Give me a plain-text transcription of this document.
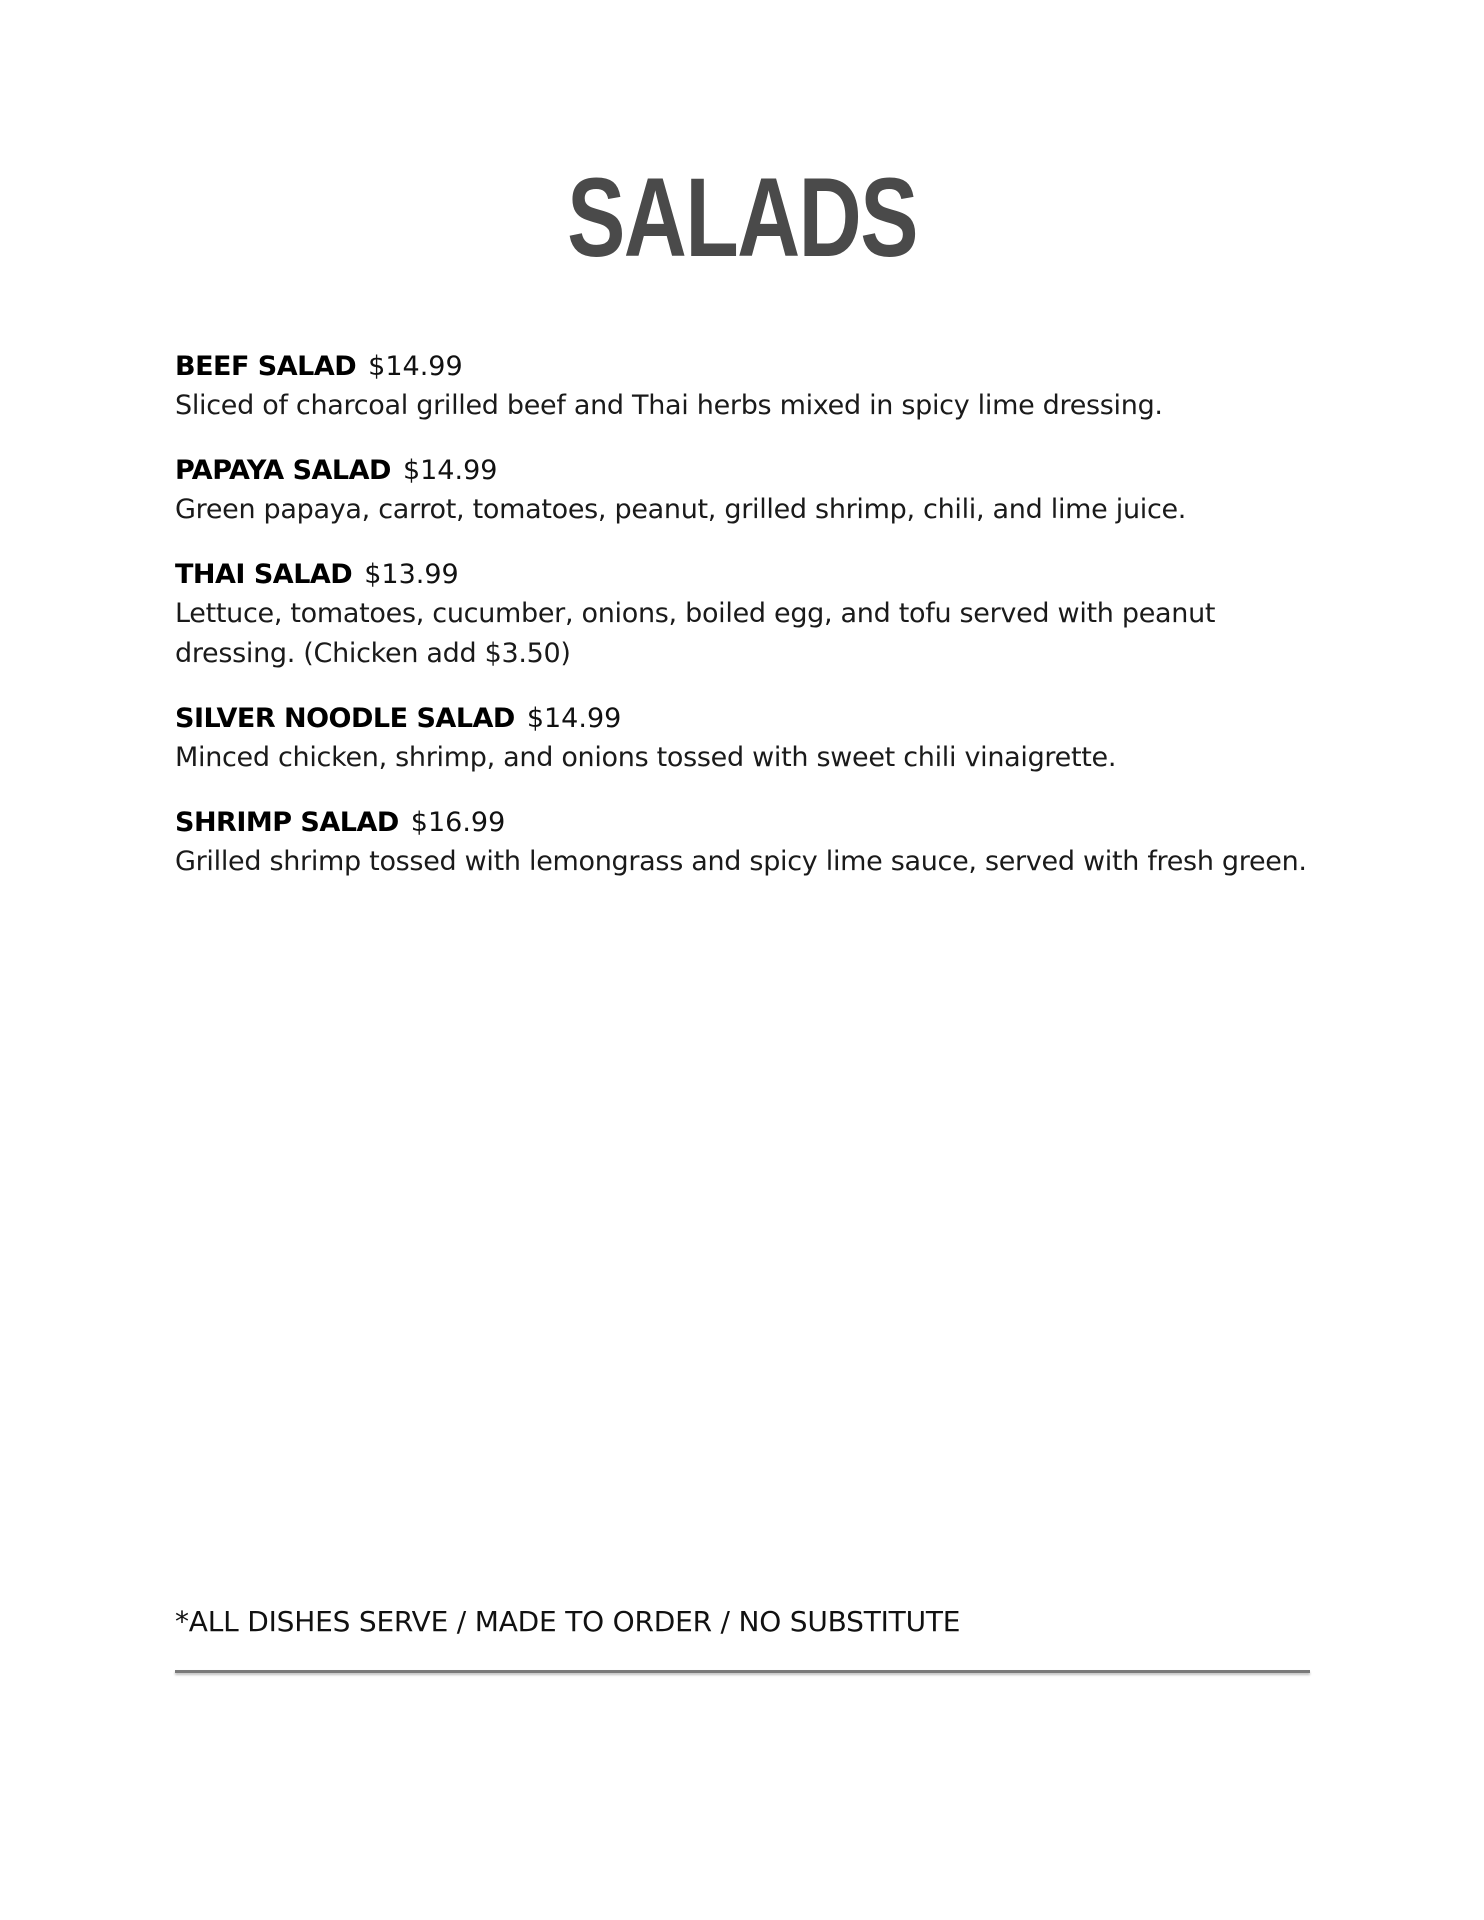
SALADS
BEEF SALAD $14.99
Sliced of charcoal grilled beef and Thai herbs mixed in spicy lime dressing.
PAPAYA SALAD $14.99
Green papaya, carrot, tomatoes, peanut, grilled shrimp, chili, and lime juice.
THAI SALAD $13.99
Lettuce, tomatoes, cucumber, onions, boiled egg, and tofu served with peanut dressing. (Chicken add $3.50)
SILVER NOODLE SALAD $14.99
Minced chicken, shrimp, and onions tossed with sweet chili vinaigrette.
SHRIMP SALAD $16.99
Grilled shrimp tossed with lemongrass and spicy lime sauce, served with fresh green.
*ALL DISHES SERVE / MADE TO ORDER / NO SUBSTITUTE
